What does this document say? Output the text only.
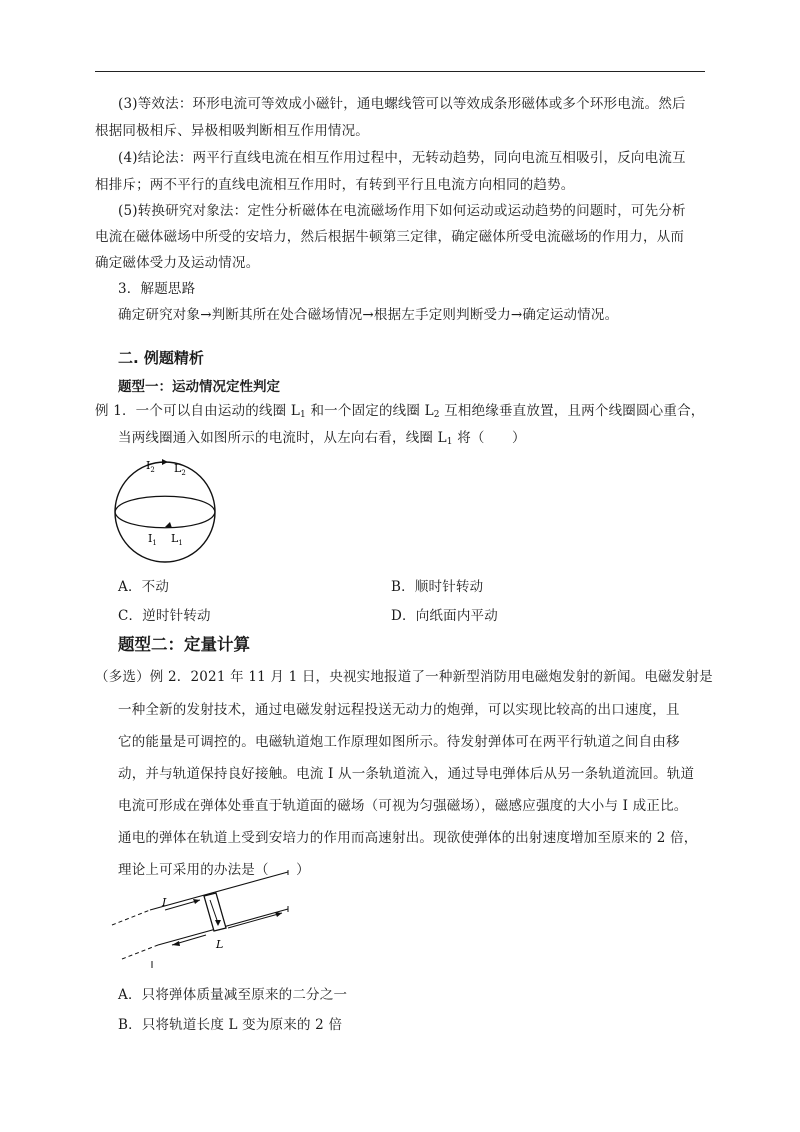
(3)等效法：环形电流可等效成小磁针，通电螺线管可以等效成条形磁体或多个环形电流。然后
根据同极相斥、异极相吸判断相互作用情况。
(4)结论法：两平行直线电流在相互作用过程中，无转动趋势，同向电流互相吸引，反向电流互
相排斥；两不平行的直线电流相互作用时，有转到平行且电流方向相同的趋势。
(5)转换研究对象法：定性分析磁体在电流磁场作用下如何运动或运动趋势的问题时，可先分析
电流在磁体磁场中所受的安培力，然后根据牛顿第三定律，确定磁体所受电流磁场的作用力，从而
确定磁体受力及运动情况。
3．解题思路
确定研究对象→判断其所在处合磁场情况→根据左手定则判断受力→确定运动情况。
二. 例题精析
题型一：运动情况定性判定
例 1．一个可以自由运动的线圈 $L_1$ 和一个固定的线圈 $L_2$ 互相绝缘垂直放置，且两个线圈圆心重合，
当两线圈通入如图所示的电流时，从左向右看，线圈 $L_1$ 将（　　）
$I_2$ $L_2$
$I_1$ $L_1$
A．不动	B．顺时针转动
C．逆时针转动	D．向纸面内平动
题型二：定量计算
（多选）例 2．2021 年 11 月 1 日，央视实地报道了一种新型消防用电磁炮发射的新闻。电磁发射是
一种全新的发射技术，通过电磁发射远程投送无动力的炮弹，可以实现比较高的出口速度，且
它的能量是可调控的。电磁轨道炮工作原理如图所示。待发射弹体可在两平行轨道之间自由移
动，并与轨道保持良好接触。电流 I 从一条轨道流入，通过导电弹体后从另一条轨道流回。轨道
电流可形成在弹体处垂直于轨道面的磁场（可视为匀强磁场），磁感应强度的大小与 I 成正比。
通电的弹体在轨道上受到安培力的作用而高速射出。现欲使弹体的出射速度增加至原来的 2 倍，
理论上可采用的办法是（　　）
I
L
A．只将弹体质量减至原来的二分之一
B．只将轨道长度 L 变为原来的 2 倍
